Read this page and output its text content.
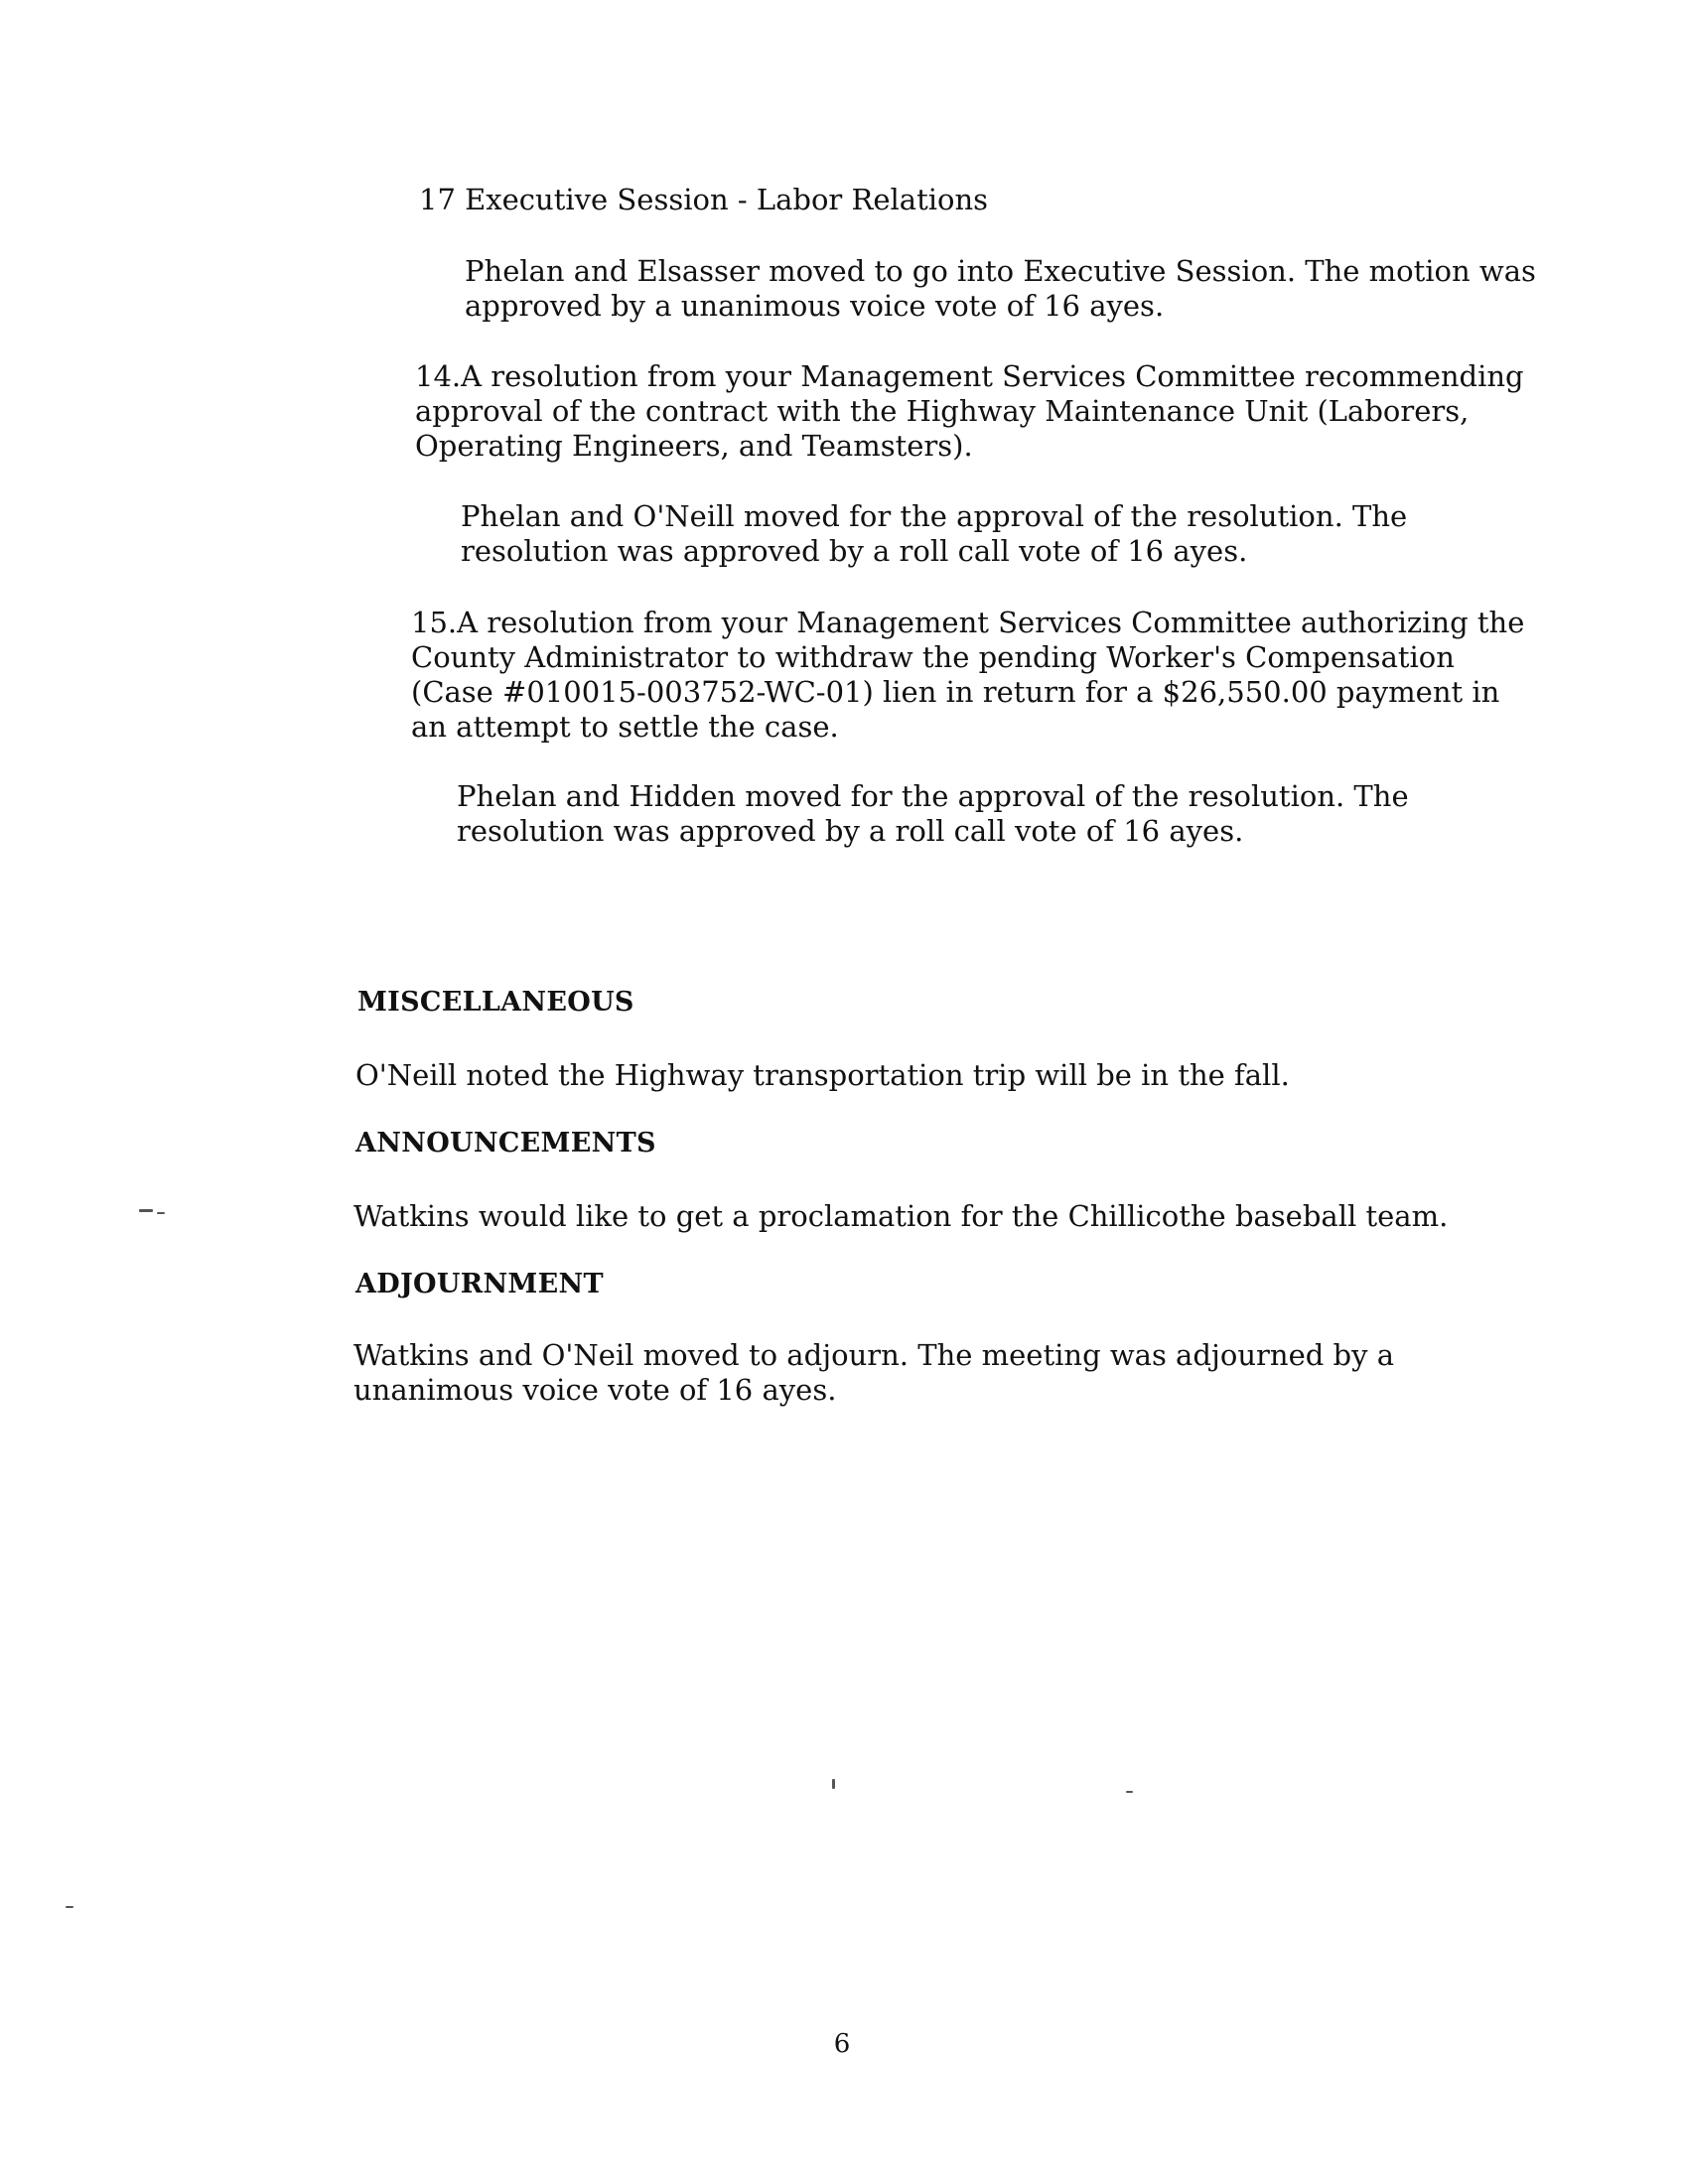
17 Executive Session - Labor Relations

Phelan and Elsasser moved to go into Executive Session. The motion was
approved by a unanimous voice vote of 16 ayes.

14.A resolution from your Management Services Committee recommending
approval of the contract with the Highway Maintenance Unit (Laborers,
Operating Engineers, and Teamsters).

Phelan and O'Neill moved for the approval of the resolution. The
resolution was approved by a roll call vote of 16 ayes.

15.A resolution from your Management Services Committee authorizing the
County Administrator to withdraw the pending Worker's Compensation
(Case #010015-003752-WC-01) lien in return for a $26,550.00 payment in
an attempt to settle the case.

Phelan and Hidden moved for the approval of the resolution. The
resolution was approved by a roll call vote of 16 ayes.

MISCELLANEOUS

O'Neill noted the Highway transportation trip will be in the fall.

ANNOUNCEMENTS

Watkins would like to get a proclamation for the Chillicothe baseball team.

ADJOURNMENT

Watkins and O'Neil moved to adjourn. The meeting was adjourned by a
unanimous voice vote of 16 ayes.

6
